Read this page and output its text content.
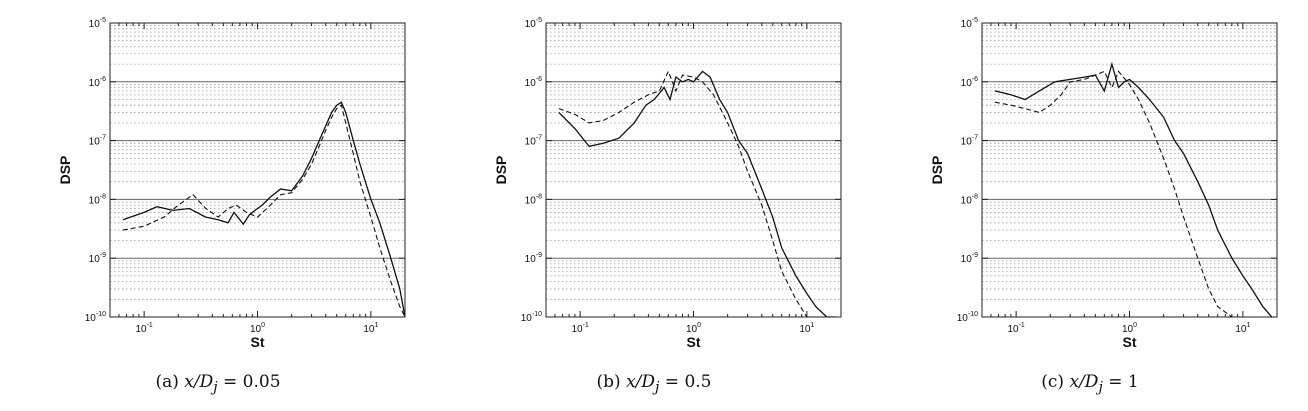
$10^{-1}$	$10^0$	$10^1$
$10^{-10}$
$10^{-9}$
$10^{-8}$
$10^{-7}$
$10^{-6}$
$10^{-5}$
St
DSP
(a) $x/D_j = 0.05$
$10^{-1}$	$10^0$	$10^1$
$10^{-10}$
$10^{-9}$
$10^{-8}$
$10^{-7}$
$10^{-6}$
$10^{-5}$
St
DSP
(b) $x/D_j = 0.5$
$10^{-1}$	$10^0$	$10^1$
$10^{-10}$
$10^{-9}$
$10^{-8}$
$10^{-7}$
$10^{-6}$
$10^{-5}$
St
DSP
(c) $x/D_j = 1$
